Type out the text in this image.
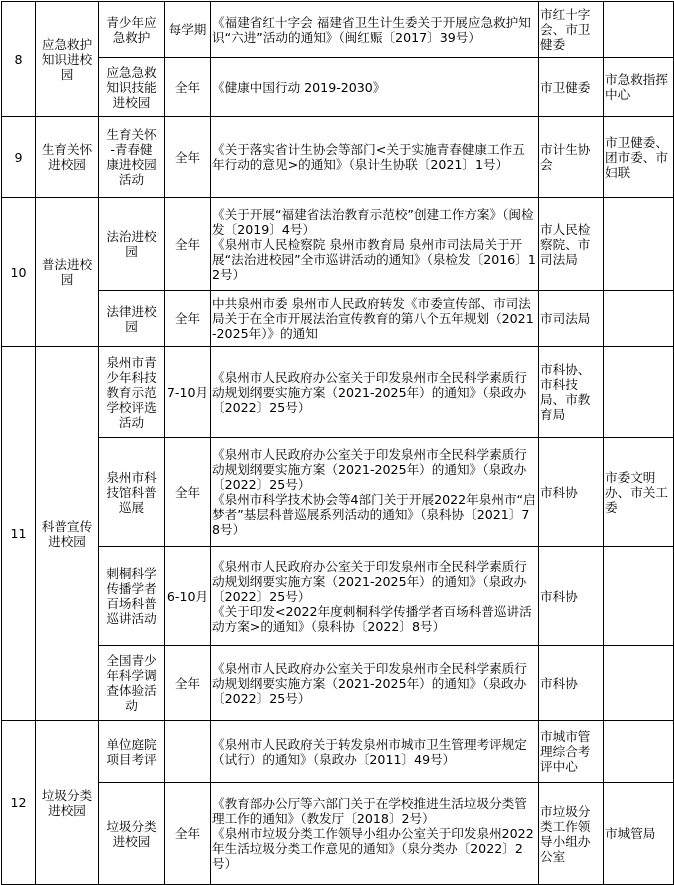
8	应急救护
知识进校
园	青少年应
急救护	每学期	《福建省红十字会 福建省卫生计生委关于开展应急救护知识“六进”活动的通知》（闽红赈〔2017〕39号）	市红十字会、市卫健委	

		应急急救
知识技能
进校园	全年	《健康中国行动 2019-2030》	市卫健委	市急救指挥中心

9	生育关怀
进校园	生育关怀
-青春健
康进校园
活动	全年	《关于落实省计生协会等部门<关于实施青春健康工作五年行动的意见>的通知》（泉计生协联〔2021〕1号）	市计生协会	市卫健委、团市委、市妇联

10	普法进校
园	法治进校
园	全年	《关于开展“福建省法治教育示范校”创建工作方案》（闽检发〔2019〕4号）
《泉州市人民检察院 泉州市教育局 泉州市司法局关于开展“法治进校园”全市巡讲活动的通知》（泉检发〔2016〕12号）	市人民检察院、市司法局	

		法律进校
园	全年	中共泉州市委 泉州市人民政府转发《市委宣传部、市司法局关于在全市开展法治宣传教育的第八个五年规划（2021-2025年）》的通知	市司法局	

11	科普宣传
进校园	泉州市青
少年科技
教育示范
学校评选
活动	7-10月	《泉州市人民政府办公室关于印发泉州市全民科学素质行动规划纲要实施方案（2021-2025年）的通知》（泉政办〔2022〕25号）	市科协、市科技局、市教育局	

		泉州市科
技馆科普
巡展	全年	《泉州市人民政府办公室关于印发泉州市全民科学素质行动规划纲要实施方案（2021-2025年）的通知》（泉政办〔2022〕25号）
《泉州市科学技术协会等4部门关于开展2022年泉州市“启梦者”基层科普巡展系列活动的通知》（泉科协〔2021〕78号）	市科协	市委文明办、市关工委

		刺桐科学
传播学者
百场科普
巡讲活动	6-10月	《泉州市人民政府办公室关于印发泉州市全民科学素质行动规划纲要实施方案（2021-2025年）的通知》（泉政办〔2022〕25号）
《关于印发<2022年度刺桐科学传播学者百场科普巡讲活动方案>的通知》（泉科协〔2022〕8号）	市科协	

		全国青少
年科学调
查体验活
动	全年	《泉州市人民政府办公室关于印发泉州市全民科学素质行动规划纲要实施方案（2021-2025年）的通知》（泉政办〔2022〕25号）	市科协	

12	垃圾分类
进校园	单位庭院
项目考评		《泉州市人民政府关于转发泉州市城市卫生管理考评规定（试行）的通知》（泉政办〔2011〕49号）	市城市管理综合考评中心	

		垃圾分类
进校园	全年	《教育部办公厅等六部门关于在学校推进生活垃圾分类管理工作的通知》（教发厅〔2018〕2号）
《泉州市垃圾分类工作领导小组办公室关于印发泉州2022年生活垃圾分类工作意见的通知》（泉分类办〔2022〕2号）	市垃圾分类工作领导小组办公室	市城管局
